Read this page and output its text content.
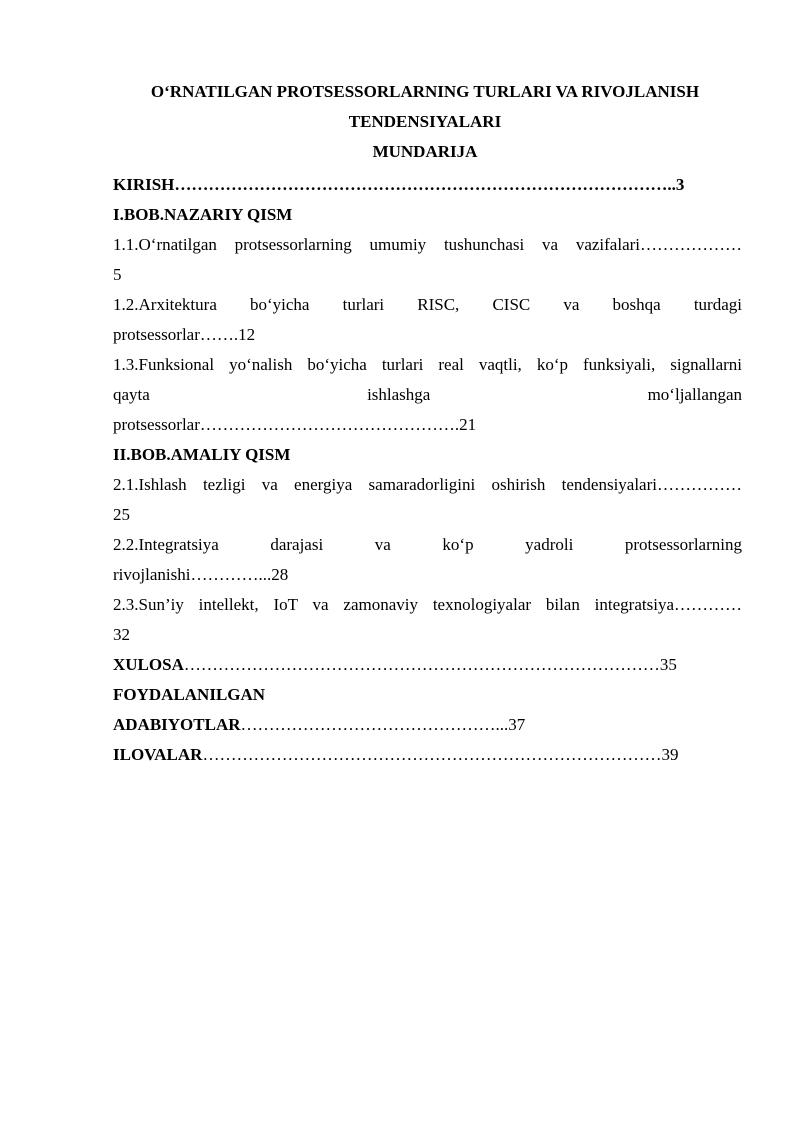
O‘RNATILGAN PROTSESSORLARNING TURLARI VA RIVOJLANISH
TENDENSIYALARI
MUNDARIJA
KIRISH……………………………………………………………………………..3
I.BOB.NAZARIY QISM
1.1.O‘rnatilgan protsessorlarning umumiy tushunchasi va vazifalari………………
5
1.2.Arxitektura bo‘yicha turlari RISC, CISC va boshqa turdagi
protsessorlar…….12
1.3.Funksional yo‘nalish bo‘yicha turlari real vaqtli, ko‘p funksiyali, signallarni
qayta ishlashga mo‘ljallangan
protsessorlar……………………………………….21
II.BOB.AMALIY QISM
2.1.Ishlash tezligi va energiya samaradorligini oshirish tendensiyalari……………
25
2.2.Integratsiya darajasi va ko‘p yadroli protsessorlarning
rivojlanishi…………...28
2.3.Sun’iy intellekt, IoT va zamonaviy texnologiyalar bilan integratsiya…………
32
XULOSA…………………………………………………………………………35
FOYDALANILGAN
ADABIYOTLAR………………………………………...37
ILOVALAR………………………………………………………………………39
